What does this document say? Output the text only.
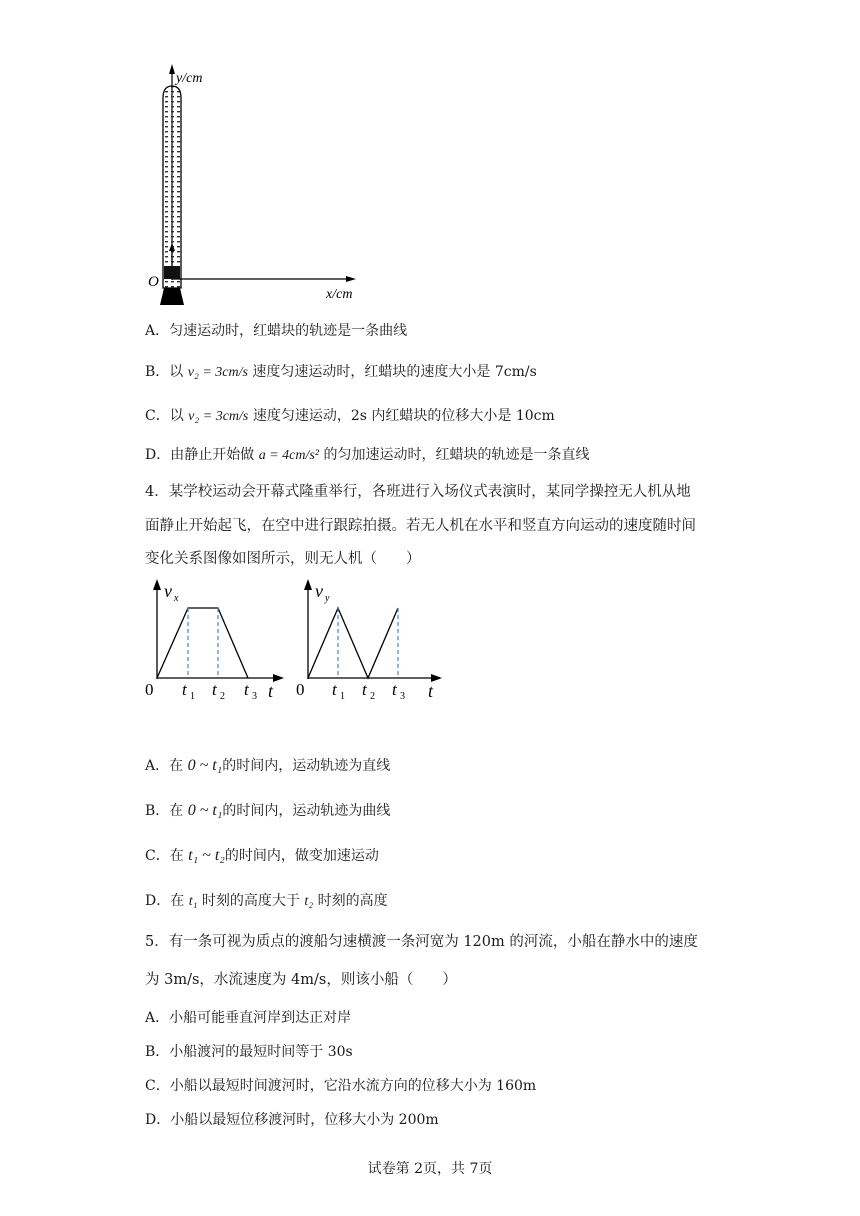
y/cm
x/cm
O
A．匀速运动时，红蜡块的轨迹是一条曲线
B．以 v₂ = 3cm/s 速度匀速运动时，红蜡块的速度大小是 7cm/s
C．以 v₂ = 3cm/s 速度匀速运动，2s 内红蜡块的位移大小是 10cm
D．由静止开始做 a = 4cm/s² 的匀加速运动时，红蜡块的轨迹是一条直线
4．某学校运动会开幕式隆重举行，各班进行入场仪式表演时，某同学操控无人机从地
面静止开始起飞，在空中进行跟踪拍摄。若无人机在水平和竖直方向运动的速度随时间
变化关系图像如图所示，则无人机（　　）
v x
0 t 1 t 2 t 3 t
v y
0 t 1 t 2 t 3 t
A．在 0 ~ t₁的时间内，运动轨迹为直线
B．在 0 ~ t₁的时间内，运动轨迹为曲线
C．在 t₁ ~ t₂的时间内，做变加速运动
D．在 t₁ 时刻的高度大于 t₂ 时刻的高度
5．有一条可视为质点的渡船匀速横渡一条河宽为 120m 的河流，小船在静水中的速度
为 3m/s，水流速度为 4m/s，则该小船（　　）
A．小船可能垂直河岸到达正对岸
B．小船渡河的最短时间等于 30s
C．小船以最短时间渡河时，它沿水流方向的位移大小为 160m
D．小船以最短位移渡河时，位移大小为 200m
试卷第 2页，共 7页
